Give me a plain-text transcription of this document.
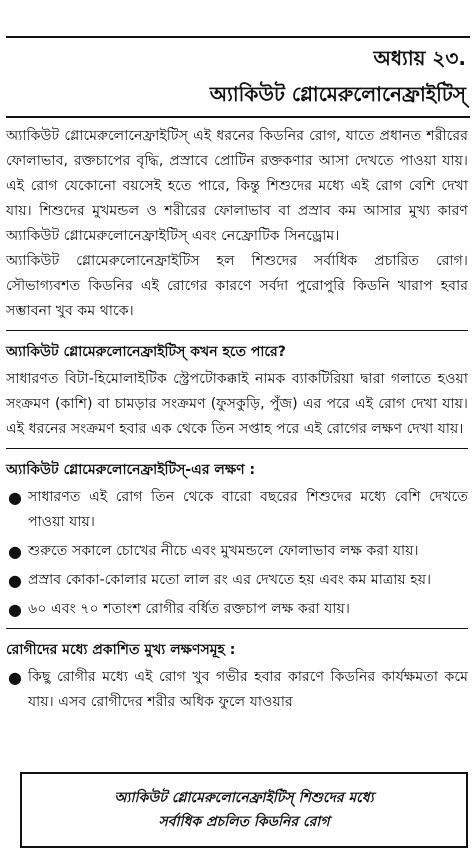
অধ্যায় ২৩.
অ্যাকিউট গ্লোমেরুলোনেফ্রাইটিস্

অ্যাকিউট গ্লোমেরুলোনেফ্রাইটিস্ এই ধরনের কিডনির রোগ, যাতে প্রধানত শরীরের ফোলাভাব, রক্তচাপের বৃদ্ধি, প্রস্রাবে প্রোটিন রক্তকণার আসা দেখতে পাওয়া যায়। এই রোগ যেকোনো বয়সেই হতে পারে, কিন্তু শিশুদের মধ্যে এই রোগ বেশি দেখা যায়। শিশুদের মুখমন্ডল ও শরীরের ফোলাভাব বা প্রস্রাব কম আসার মুখ্য কারণ অ্যাকিউট গ্লোমেরুলোনেফ্রাইটিস্ এবং নেফ্রোটিক সিনড্রোম।

অ্যাকিউট গ্লোমেরুলোনেফ্রাইটিস হল শিশুদের সর্বাধিক প্রচারিত রোগ। সৌভাগ্যবশত কিডনির এই রোগের কারণে সর্বদা পুরোপুরি কিডনি খারাপ হবার সম্ভাবনা খুব কম থাকে।

অ্যাকিউট গ্লোমেরুলোনেফ্রাইটিস্ কখন হতে পারে?

সাধারণত বিটা-হিমোলাইটিক স্ট্রেপটোকক্কাই নামক ব্যাকটিরিয়া দ্বারা গলাতে হওয়া সংক্রমণ (কাশি) বা চামড়ার সংক্রমণ (ফুসকুড়ি, পুঁজ) এর পরে এই রোগ দেখা যায়। এই ধরনের সংক্রমণ হবার এক থেকে তিন সপ্তাহ পরে এই রোগের লক্ষণ দেখা যায়।

অ্যাকিউট গ্লোমেরুলোনেফ্রাইটিস্-এর লক্ষণ :
● সাধারণত এই রোগ তিন থেকে বারো বছরের শিশুদের মধ্যে বেশি দেখতে পাওয়া যায়।
● শুরুতে সকালে চোখের নীচে এবং মুখমন্ডলে ফোলাভাব লক্ষ করা যায়।
● প্রস্রাব কোকা-কোলার মতো লাল রং এর দেখতে হয় এবং কম মাত্রায় হয়।
● ৬০ এবং ৭০ শতাংশ রোগীর বর্ধিত রক্তচাপ লক্ষ করা যায়।
রোগীদের মধ্যে প্রকাশিত মুখ্য লক্ষণসমূহ :
● কিছু রোগীর মধ্যে এই রোগ খুব গভীর হবার কারণে কিডনির কার্যক্ষমতা কমে যায়। এসব রোগীদের শরীর অধিক ফুলে যাওয়ার
অ্যাকিউট গ্লোমেরুলোনেফ্রাইটিস্ শিশুদের মধ্যে
সর্বাধিক প্রচলিত কিডনির রোগ
